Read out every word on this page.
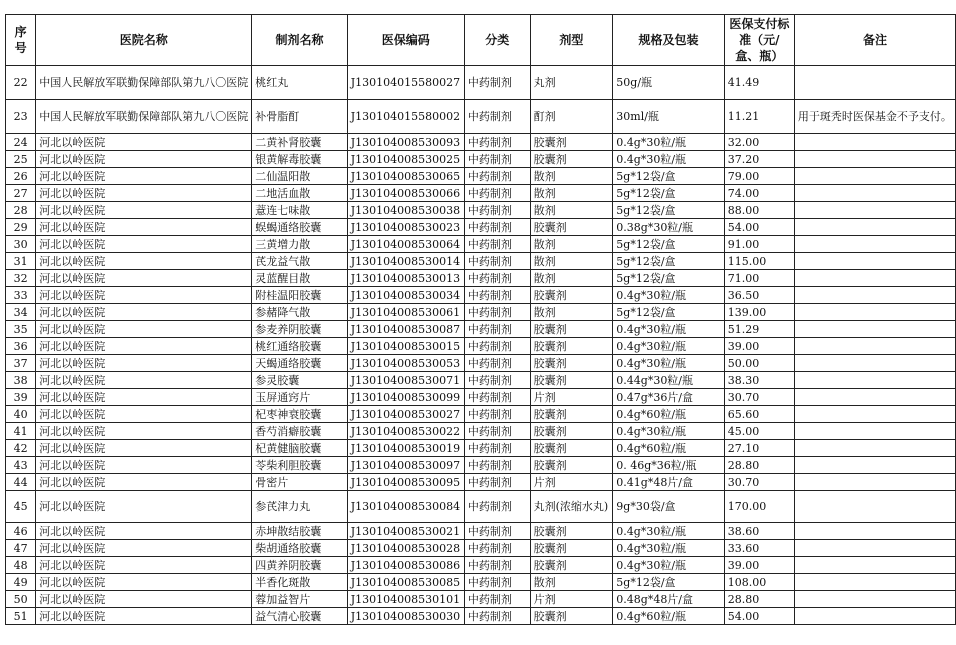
序号	医院名称	制剂名称	医保编码	分类	剂型	规格及包装	医保支付标准（元/盒、瓶）	备注
22	中国人民解放军联勤保障部队第九八〇医院	桃红丸	J130104015580027	中药制剂	丸剂	50g/瓶	41.49	
23	中国人民解放军联勤保障部队第九八〇医院	补骨脂酊	J130104015580002	中药制剂	酊剂	30ml/瓶	11.21	用于斑秃时医保基金不予支付。
24	河北以岭医院	二黄补肾胶囊	J130104008530093	中药制剂	胶囊剂	0.4g*30粒/瓶	32.00	
25	河北以岭医院	银黄解毒胶囊	J130104008530025	中药制剂	胶囊剂	0.4g*30粒/瓶	37.20	
26	河北以岭医院	二仙温阳散	J130104008530065	中药制剂	散剂	5g*12袋/盒	79.00	
27	河北以岭医院	二地活血散	J130104008530066	中药制剂	散剂	5g*12袋/盒	74.00	
28	河北以岭医院	薏连七味散	J130104008530038	中药制剂	散剂	5g*12袋/盒	88.00	
29	河北以岭医院	蜈蝎通络胶囊	J130104008530023	中药制剂	胶囊剂	0.38g*30粒/瓶	54.00	
30	河北以岭医院	三黄增力散	J130104008530064	中药制剂	散剂	5g*12袋/盒	91.00	
31	河北以岭医院	芪龙益气散	J130104008530014	中药制剂	散剂	5g*12袋/盒	115.00	
32	河北以岭医院	灵蓝醒目散	J130104008530013	中药制剂	散剂	5g*12袋/盒	71.00	
33	河北以岭医院	附桂温阳胶囊	J130104008530034	中药制剂	胶囊剂	0.4g*30粒/瓶	36.50	
34	河北以岭医院	参赭降气散	J130104008530061	中药制剂	散剂	5g*12袋/盒	139.00	
35	河北以岭医院	参麦养阴胶囊	J130104008530087	中药制剂	胶囊剂	0.4g*30粒/瓶	51.29	
36	河北以岭医院	桃红通络胶囊	J130104008530015	中药制剂	胶囊剂	0.4g*30粒/瓶	39.00	
37	河北以岭医院	天蝎通络胶囊	J130104008530053	中药制剂	胶囊剂	0.4g*30粒/瓶	50.00	
38	河北以岭医院	参灵胶囊	J130104008530071	中药制剂	胶囊剂	0.44g*30粒/瓶	38.30	
39	河北以岭医院	玉屏通窍片	J130104008530099	中药制剂	片剂	0.47g*36片/盒	30.70	
40	河北以岭医院	杞枣神衰胶囊	J130104008530027	中药制剂	胶囊剂	0.4g*60粒/瓶	65.60	
41	河北以岭医院	香芍消癖胶囊	J130104008530022	中药制剂	胶囊剂	0.4g*30粒/瓶	45.00	
42	河北以岭医院	杞黄健脑胶囊	J130104008530019	中药制剂	胶囊剂	0.4g*60粒/瓶	27.10	
43	河北以岭医院	苓柴利胆胶囊	J130104008530097	中药制剂	胶囊剂	0. 46g*36粒/瓶	28.80	
44	河北以岭医院	骨密片	J130104008530095	中药制剂	片剂	0.41g*48片/盒	30.70	
45	河北以岭医院	参芪津力丸	J130104008530084	中药制剂	丸剂(浓缩水丸)	9g*30袋/盒	170.00	
46	河北以岭医院	赤坤散结胶囊	J130104008530021	中药制剂	胶囊剂	0.4g*30粒/瓶	38.60	
47	河北以岭医院	柴胡通络胶囊	J130104008530028	中药制剂	胶囊剂	0.4g*30粒/瓶	33.60	
48	河北以岭医院	四黄养阴胶囊	J130104008530086	中药制剂	胶囊剂	0.4g*30粒/瓶	39.00	
49	河北以岭医院	半香化斑散	J130104008530085	中药制剂	散剂	5g*12袋/盒	108.00	
50	河北以岭医院	蓉加益智片	J130104008530101	中药制剂	片剂	0.48g*48片/盒	28.80	
51	河北以岭医院	益气清心胶囊	J130104008530030	中药制剂	胶囊剂	0.4g*60粒/瓶	54.00	
